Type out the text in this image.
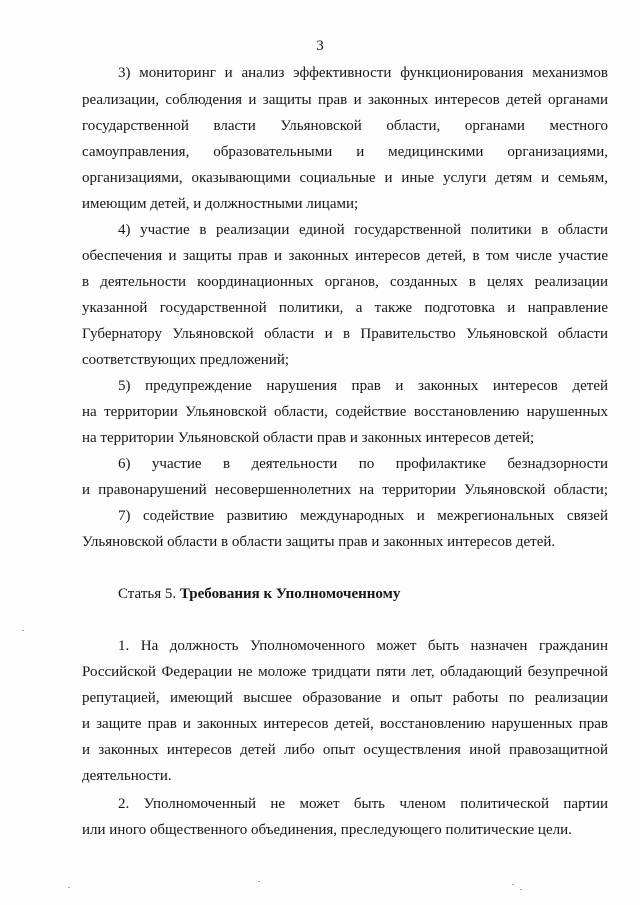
3
3) мониторинг и анализ эффективности функционирования механизмов
реализации, соблюдения и защиты прав и законных интересов детей органами
государственной власти Ульяновской области, органами местного
самоуправления, образовательными и медицинскими организациями,
организациями, оказывающими социальные и иные услуги детям и семьям,
имеющим детей, и должностными лицами;
4) участие в реализации единой государственной политики в области
обеспечения и защиты прав и законных интересов детей, в том числе участие
в деятельности координационных органов, созданных в целях реализации
указанной государственной политики, а также подготовка и направление
Губернатору Ульяновской области и в Правительство Ульяновской области
соответствующих предложений;
5) предупреждение нарушения прав и законных интересов детей
на территории Ульяновской области, содействие восстановлению нарушенных
на территории Ульяновской области прав и законных интересов детей;
6) участие в деятельности по профилактике безнадзорности
и правонарушений несовершеннолетних на территории Ульяновской области;
7) содействие развитию международных и межрегиональных связей
Ульяновской области в области защиты прав и законных интересов детей.
Статья 5. Требования к Уполномоченному
1. На должность Уполномоченного может быть назначен гражданин
Российской Федерации не моложе тридцати пяти лет, обладающий безупречной
репутацией, имеющий высшее образование и опыт работы по реализации
и защите прав и законных интересов детей, восстановлению нарушенных прав
и законных интересов детей либо опыт осуществления иной правозащитной
деятельности.
2. Уполномоченный не может быть членом политической партии
или иного общественного объединения, преследующего политические цели.
